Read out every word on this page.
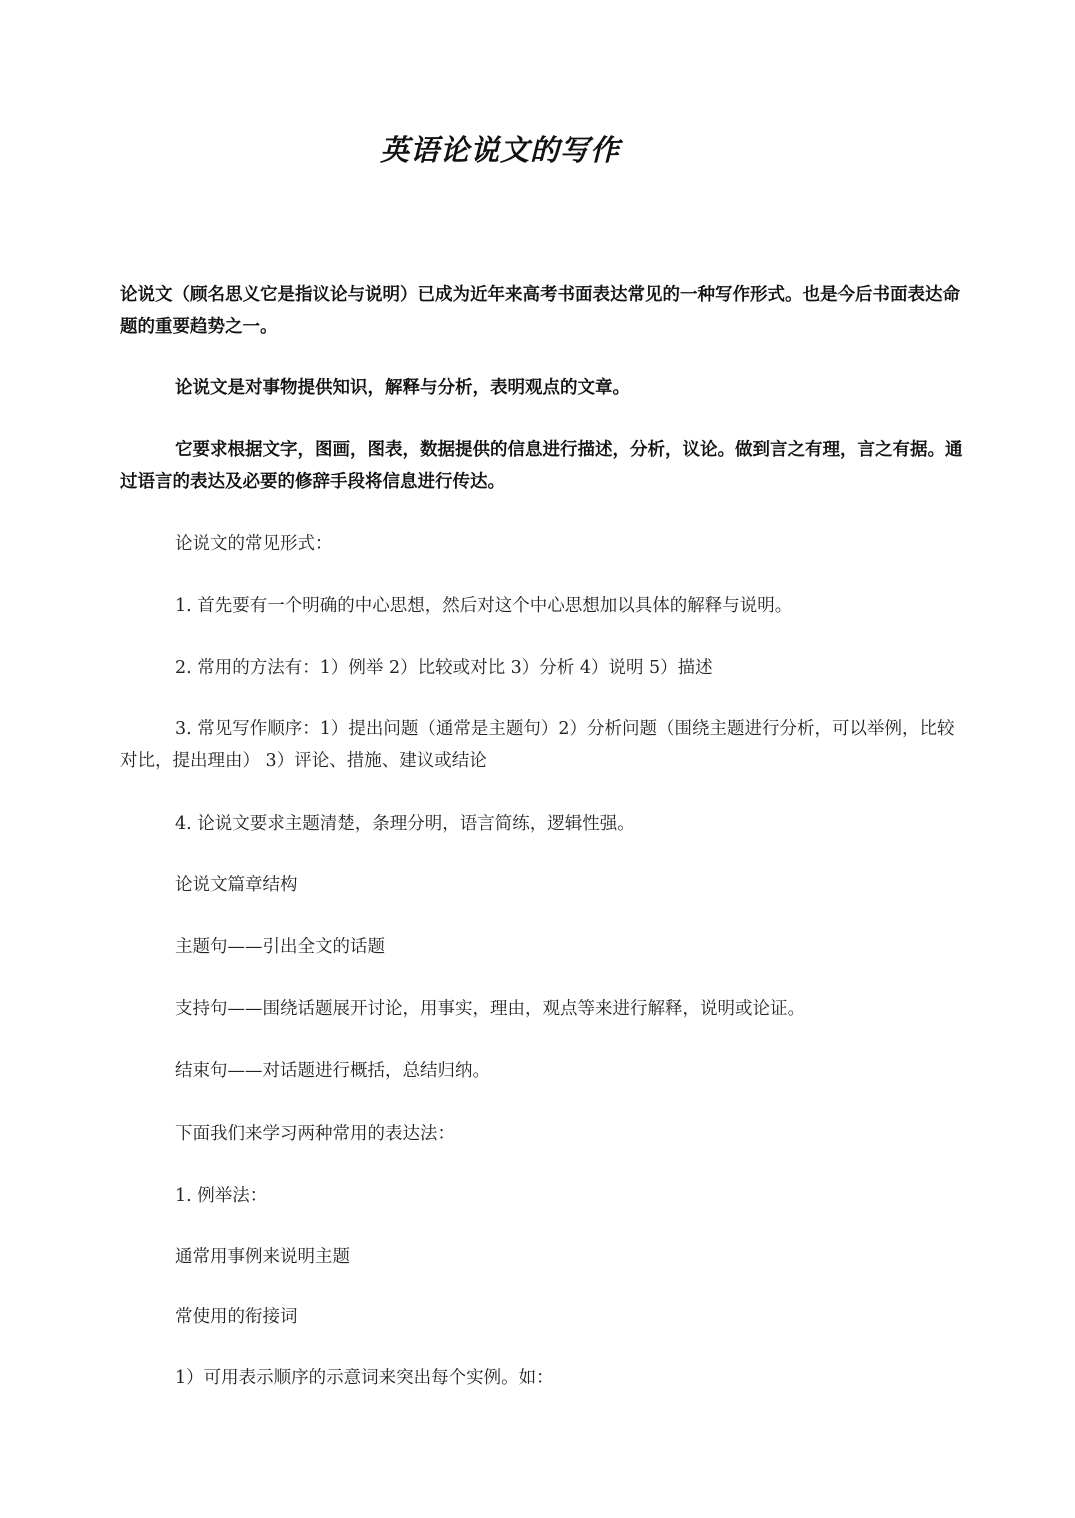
英语论说文的写作

论说文（顾名思义它是指议论与说明）已成为近年来高考书面表达常见的一种写作形式。也是今后书面表达命题的重要趋势之一。

论说文是对事物提供知识，解释与分析，表明观点的文章。

它要求根据文字，图画，图表，数据提供的信息进行描述，分析，议论。做到言之有理，言之有据。通过语言的表达及必要的修辞手段将信息进行传达。

论说文的常见形式：

1. 首先要有一个明确的中心思想，然后对这个中心思想加以具体的解释与说明。

2. 常用的方法有：1）例举 2）比较或对比 3）分析 4）说明 5）描述

3. 常见写作顺序：1）提出问题（通常是主题句）2）分析问题（围绕主题进行分析，可以举例，比较对比，提出理由） 3）评论、措施、建议或结论

4. 论说文要求主题清楚，条理分明，语言简练，逻辑性强。

论说文篇章结构

主题句——引出全文的话题

支持句——围绕话题展开讨论，用事实，理由，观点等来进行解释，说明或论证。

结束句——对话题进行概括，总结归纳。

下面我们来学习两种常用的表达法：

1. 例举法：

通常用事例来说明主题

常使用的衔接词

1）可用表示顺序的示意词来突出每个实例。如：
